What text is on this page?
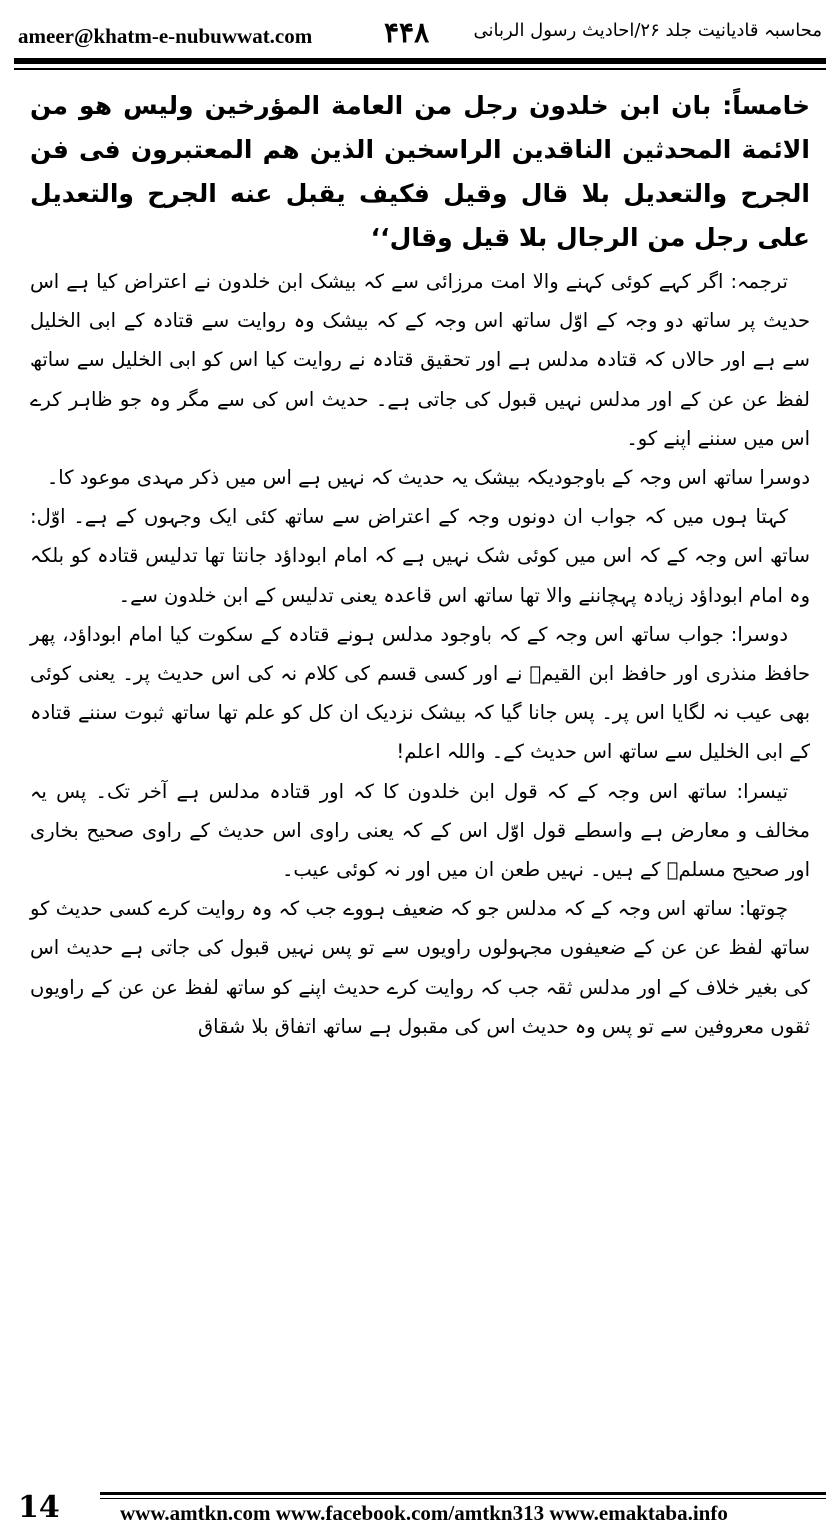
ameer@khatm-e-nubuwwat.com	۴۴۸ محاسبہ قادیانیت جلد ۲۶/احادیث رسول الربانی

خامساً: بان ابن خلدون رجل من العامة المؤرخين وليس هو من الائمة المحدثين الناقدين الراسخين الذين هم المعتبرون فى فن الجرح والتعديل بلا قال وقيل فكيف يقبل عنه الجرح والتعديل على رجل من الرجال بلا قيل وقال‘‘

ترجمہ: اگر کہے کوئی کہنے والا امت مرزائی سے کہ بیشک ابن خلدون نے اعتراض کیا ہے اس حدیث پر ساتھ دو وجہ کے اوّل ساتھ اس وجہ کے کہ بیشک وہ روایت سے قتادہ کے ابی الخلیل سے ہے اور حالاں کہ قتادہ مدلس ہے اور تحقیق قتادہ نے روایت کیا اس کو ابی الخلیل سے ساتھ لفظ عن عن کے اور مدلس نہیں قبول کی جاتی ہے۔ حدیث اس کی سے مگر وہ جو ظاہر کرے اس میں سننے اپنے کو۔

دوسرا ساتھ اس وجہ کے باوجودیکہ بیشک یہ حدیث کہ نہیں ہے اس میں ذکر مہدی موعود کا۔

کہتا ہوں میں کہ جواب ان دونوں وجہ کے اعتراض سے ساتھ کئی ایک وجہوں کے ہے۔ اوّل: ساتھ اس وجہ کے کہ اس میں کوئی شک نہیں ہے کہ امام ابوداؤد جانتا تھا تدلیس قتادہ کو بلکہ وہ امام ابوداؤد زیادہ پہچاننے والا تھا ساتھ اس قاعدہ یعنی تدلیس کے ابن خلدون سے۔

دوسرا: جواب ساتھ اس وجہ کے کہ باوجود مدلس ہونے قتادہ کے سکوت کیا امام ابوداؤد، پھر حافظ منذری اور حافظ ابن القیمؒ نے اور کسی قسم کی کلام نہ کی اس حدیث پر۔ یعنی کوئی بھی عیب نہ لگایا اس پر۔ پس جانا گیا کہ بیشک نزدیک ان کل کو علم تھا ساتھ ثبوت سننے قتادہ کے ابی الخلیل سے ساتھ اس حدیث کے۔ واللہ اعلم!

تیسرا: ساتھ اس وجہ کے کہ قول ابن خلدون کا کہ اور قتادہ مدلس ہے آخر تک۔ پس یہ مخالف و معارض ہے واسطے قول اوّل اس کے کہ یعنی راوی اس حدیث کے راوی صحیح بخاری اور صحیح مسلمؒ کے ہیں۔ نہیں طعن ان میں اور نہ کوئی عیب۔

چوتھا: ساتھ اس وجہ کے کہ مدلس جو کہ ضعیف ہووے جب کہ وہ روایت کرے کسی حدیث کو ساتھ لفظ عن عن کے ضعیفوں مجہولوں راویوں سے تو پس نہیں قبول کی جاتی ہے حدیث اس کی بغیر خلاف کے اور مدلس ثقہ جب کہ روایت کرے حدیث اپنے کو ساتھ لفظ عن عن کے راویوں ثقوں معروفین سے تو پس وہ حدیث اس کی مقبول ہے ساتھ اتفاق بلا شقاق

14	www.amtkn.com www.facebook.com/amtkn313 www.emaktaba.info
